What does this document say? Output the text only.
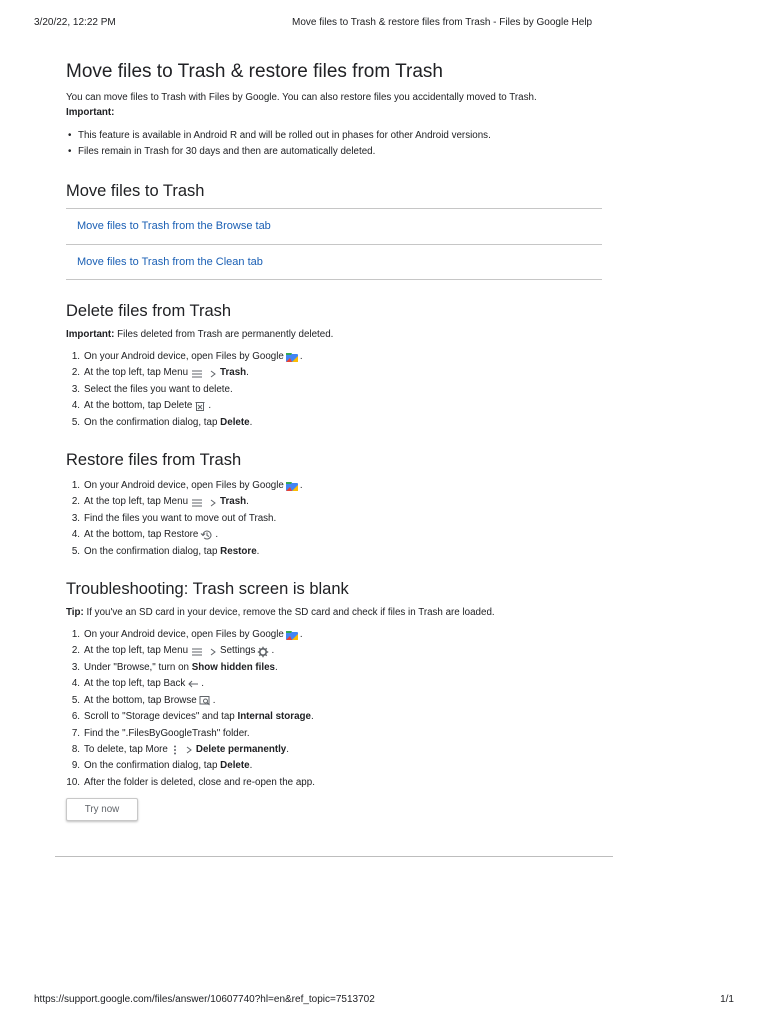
3/20/22, 12:22 PM	Move files to Trash & restore files from Trash - Files by Google Help
Move files to Trash & restore files from Trash

You can move files to Trash with Files by Google. You can also restore files you accidentally moved to Trash.

Important:

• This feature is available in Android R and will be rolled out in phases for other Android versions.
• Files remain in Trash for 30 days and then are automatically deleted.
Move files to Trash
Move files to Trash from the Browse tab
Move files to Trash from the Clean tab
Delete files from Trash

Important: Files deleted from Trash are permanently deleted.

1. On your Android device, open Files by Google .
2. At the top left, tap Menu	Trash .
3. Select the files you want to delete.
4. At the bottom, tap Delete .
5. On the confirmation dialog, tap
Delete .
Restore files from Trash
1. On your Android device, open Files by Google .
2. At the top left, tap Menu	Trash .
3. Find the files you want to move out of Trash.
4. At the bottom, tap Restore .
5. On the confirmation dialog, tap
Restore .
Troubleshooting: Trash screen is blank

Tip: If you've an SD card in your device, remove the SD card and check if files in Trash are loaded.

1. On your Android device, open Files by Google .
2. At the top left, tap Menu	Settings .
3. Under "Browse," turn on
Show hidden files .
4. At the top left, tap Back .
5. At the bottom, tap Browse .
6. Scroll to "Storage devices" and tap
Internal storage .
7. Find the ".FilesByGoogleTrash" folder.
8. To delete, tap More	Delete permanently .
9. On the confirmation dialog, tap
Delete .
10. After the folder is deleted, close and re-open the app.
Try now
https://support.google.com/files/answer/10607740?hl=en&ref_topic=7513702	1/1
